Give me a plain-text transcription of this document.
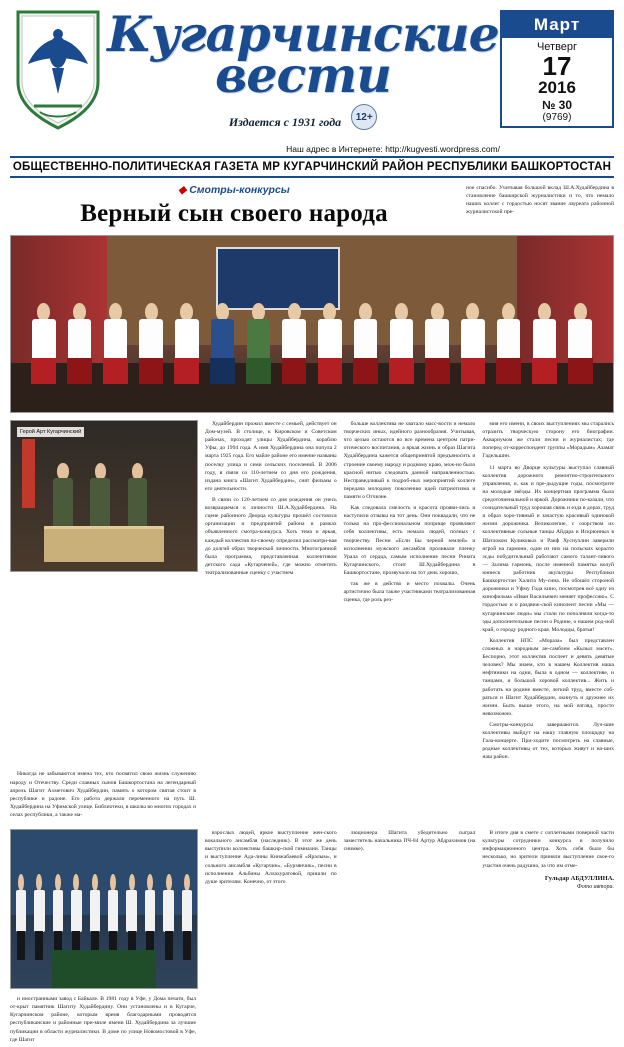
Кугарчинские
вести
Издается с 1931 года	12+
Наш адрес в Интернете: http://kugvesti.wordpress.com/
Март
Четверг
17
2016
№ 30
(9769)
ОБЩЕСТВЕННО-ПОЛИТИЧЕСКАЯ ГАЗЕТА МР КУГАРЧИНСКИЙ РАЙОН РЕСПУБЛИКИ БАШКОРТОСТАН
◆ Смотры-конкурсы
Верный сын своего народа
ное спасибо. Учитывая большой вклад Ш.А.Худайбердина в становление башкирской журналистики и то, что немало наших коллег с гордостью носят звание лауреата районной журналистской пре-
Герой Арт Кугарчинский

Худайбердин прожил вместе с семьей, действует он Дом-музей. В столице, к Кировском и Советском районах, проходят улицы Худайбердина, кораблю Уфы, до 1994 года. А имя Худайбердина она попула 2 марта 1925 года. Его майле районе его имение названы поселку улица и семи сельских поселений. В 2006 году, в связи со 110-летием со дня его рождения, издана книга «Шагит Худайбердин», снят фильмы о его деятельности.

В связи со 120-летием со дня рождения он унесь возвращаемся к личности Ш.А.Худайбердина. На сцене районного Дворца культуры прошёл состоялся организации и предприятий района в рамках объявленного смотра-конкурса. Хоть тема и яркая, каждый коллектив по-своему определил рассматри-вая до долгий образ творческой личности. Многогранной была программа, представленная коллективом детского сада «Кугарченей», где можно отметить театрализованные сценку с участием

больше коллектива не хватало масс-вости и немало творческих иных, идейного разнообразия. Учитывая, что целью остаются во все времена центром патри-отического воспитания, а яркая жизнь и образ Шагита Худайбердина кажется общепринятой предъяносить и строение своему народу и родному краю, мож-но было красной нитью следовать данной направленностью. Несправедливый к подроб-ных мероприятий коллеге передача молодому поколению идей патриотизма и памяти о Отчизне.

Как следовала смелость и красота прояви-лись и наступили отзывы на тот день. Они поквадали, что не только на про-фессиональном поприще проявляют себя коллективы, есть немало людей, полных с творчеству. Песни «Если Бы черной землей» и исполнении мужского ансамбля проливали пленку Урала от сердца, самым исполнение песни Рината Кугарчинского, стоит Ш.Худайбердина в Башкортостане, прозвучало на тот день хорошо,

так же в действо и место похвалы. Очень артистично была также участниками театрализованная сценка, где роль рез-

мия его имени, в своих выступлениях мы старались отразить творческую сторону его биографии. Аквариумом же стали песни и журналистах; где поперед от-корреспондент группы «Морадым» Азамат Гадельшин.

11 марта во Дворце культуры выступал славный коллектив дорожного ремонтно-строительного управления, и, как и пре-дыдущие годы, посмотрите на молодые звёзды. Их концертная программа была средоточиенальной и яркой. Дорожники по-казали, что созидательный труд хорошая связь и езда в дорах, труд и образ хоро-тивный и зачастую красивый одинокой жизни дорожника. Великолепие, с озорством их коллективные сольные танцы Айдара и Искрюнных в Шатлоком Куликовых и Раиф Хуснуллин заверили игрой на гармони, один из них на польских коралто эсды побудительный работают самого талант-ливого — Залима гармонь, после именной памятка волуй юннеск работник акультуры Республики Башкортостан Халита Му-сина. Не обошёл стороной дорожники и Уфму Года кино, посмотрев всё одну из кинофильма «Иван Васильевич меняет профессию». С гордостью и о раздвиж-ской кинолент песни «Мы — кугарчинские люди» мы стали по пополняли когда-то эды дополнительные песни о Родине, о нашем род-ной край, о городу родного края. Молодцы, братья!

Коллектив НПС «Мораза» был представлен сложных и народным ан-самблем «Кызыл мәсет». Беспорно, этот коллектив поспеет и девять девятые человек? Мы знаем, кто в нашем Коллектив наша нефтяники на одни, была в одном — коллективе, и танцами, и большой хоровой коллектив... Жить и работать на родине вместе, легкий труд, вместе соб-раться и Шагит Худайбердин, окинуть и дружнее их жизни. Быть выше этого, на мой взгляд, просто невозможно.

Смотры-конкурсы завершаются. Луч-шие коллективы выйдут на нашу главную площадку на Гала-концерте. При-ходите посмотреть на славные, родные коллективы от тех, которых живут и на-ших наш район.

Никогда не забываются имена тех, кто посвятил свою жизнь служению народу и Отечеству. Среди славных сынов Башкортостана на легендарный апрель Шагит Ахметович Худайбердин, память о котором святая стоит в республике и радоне. Его работа держали переменного на путь Ш. Худайбердина на Уфимской улице. Библиотеки, в школы во многих городах и селах республики, а также ма-

взрослых людей, яркое выступление жен-ского вокального ансамбля (наследник). В этот же день выступили коллективы башкир-ской гимназии. Танцы и выступление Ада-лины Кинжабаевой «Яралым», и сольного ансамбля «Кугарчин», «Бурзянчик», песни в исполнении Альбины Аллахуратовой, пришли по душе зрителям. Конечно, от этого

люционера Шагита убедительно сыграл заместитель начальника ПЧ-84 Артур Абдрахимов (на снимке).

В итоге дня в смете с соплетными поверной части культуры сотрудники конкурса и получило информационного центра. Хоть себя было бы несколько, но зрители приняли выступление свое-го участия очень радушно, за что им отме-

Гульдар АБДУЛЛИНА.
Фото автора.

и иностранными завод с Байкале. В 1981 году в Уфе, у Дома печати, был от-крыт памятник Шагиту Худайбердину. Они установлены и в Кугарче, Кугарчинском районе, которым время благодарными проводятся республиканские и районные при-миле имени Ш. Худайбердина за лучшие публикации в области журналистики. В доме по улице Новомостовой в Уфе, где Шагит
